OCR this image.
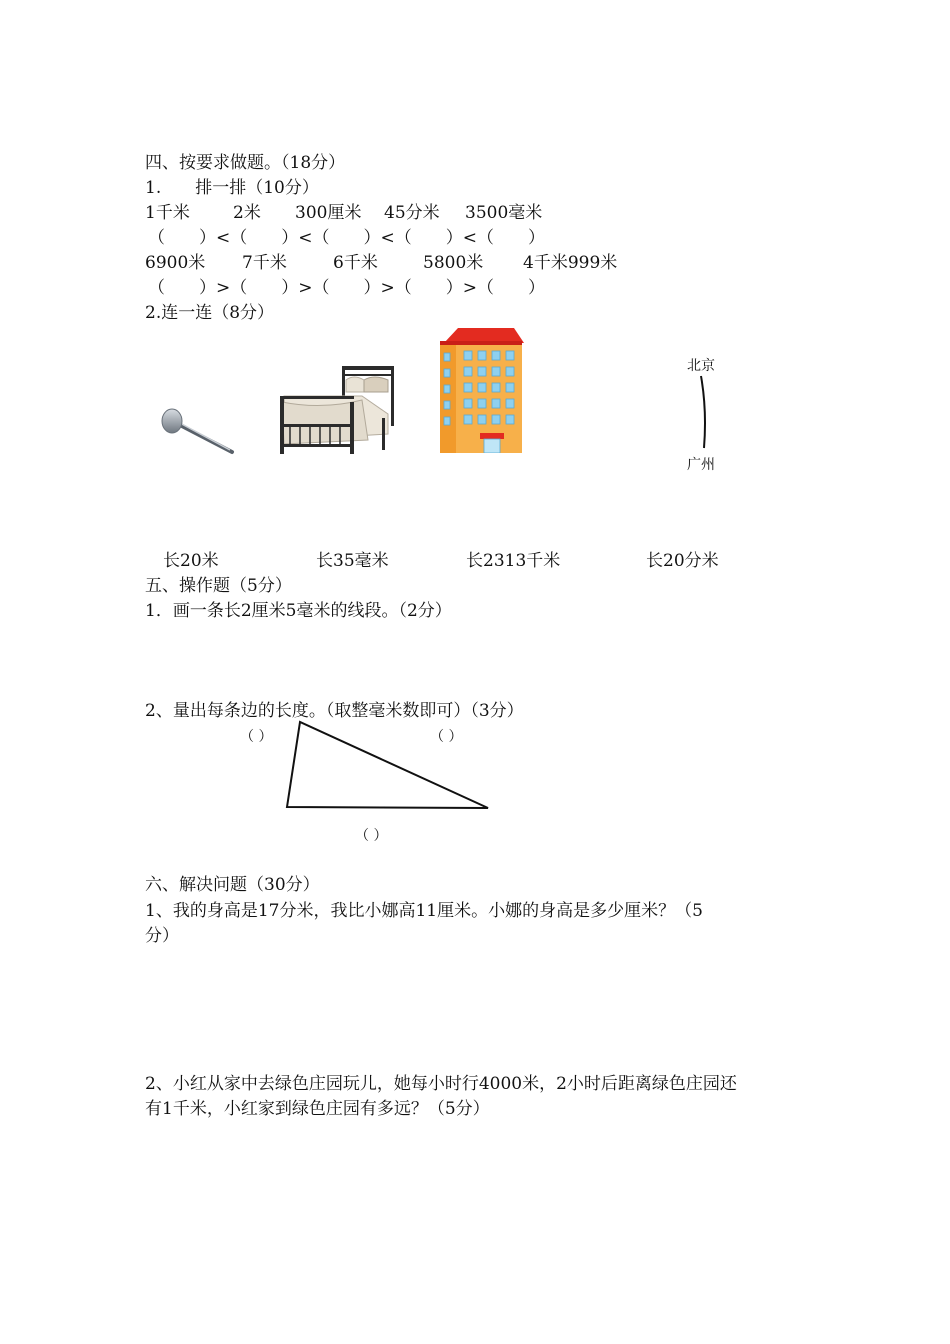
四、按要求做题。（18分）
1.　　排一排（10分）
1千米	2米 300厘米 45分米 3500毫米
（　　）<（　　）<（　　）<（　　）<（　　）
6900米 7千米	6千米	5800米 4千米999米
（　　）>（　　）>（　　）>（　　）>（　　）
2.连一连（8分）
北京
广州
长20米	长35毫米	长2313千米	长20分米
五、操作题（5分）
1．画一条长2厘米5毫米的线段。（2分）
2、量出每条边的长度。（取整毫米数即可）（3分）
（ ）	（ ）
（ ）
六、解决问题（30分）
1、我的身高是17分米，我比小娜高11厘米。小娜的身高是多少厘米？（5
分）
2、小红从家中去绿色庄园玩儿，她每小时行4000米，2小时后距离绿色庄园还
有1千米，小红家到绿色庄园有多远？（5分）
